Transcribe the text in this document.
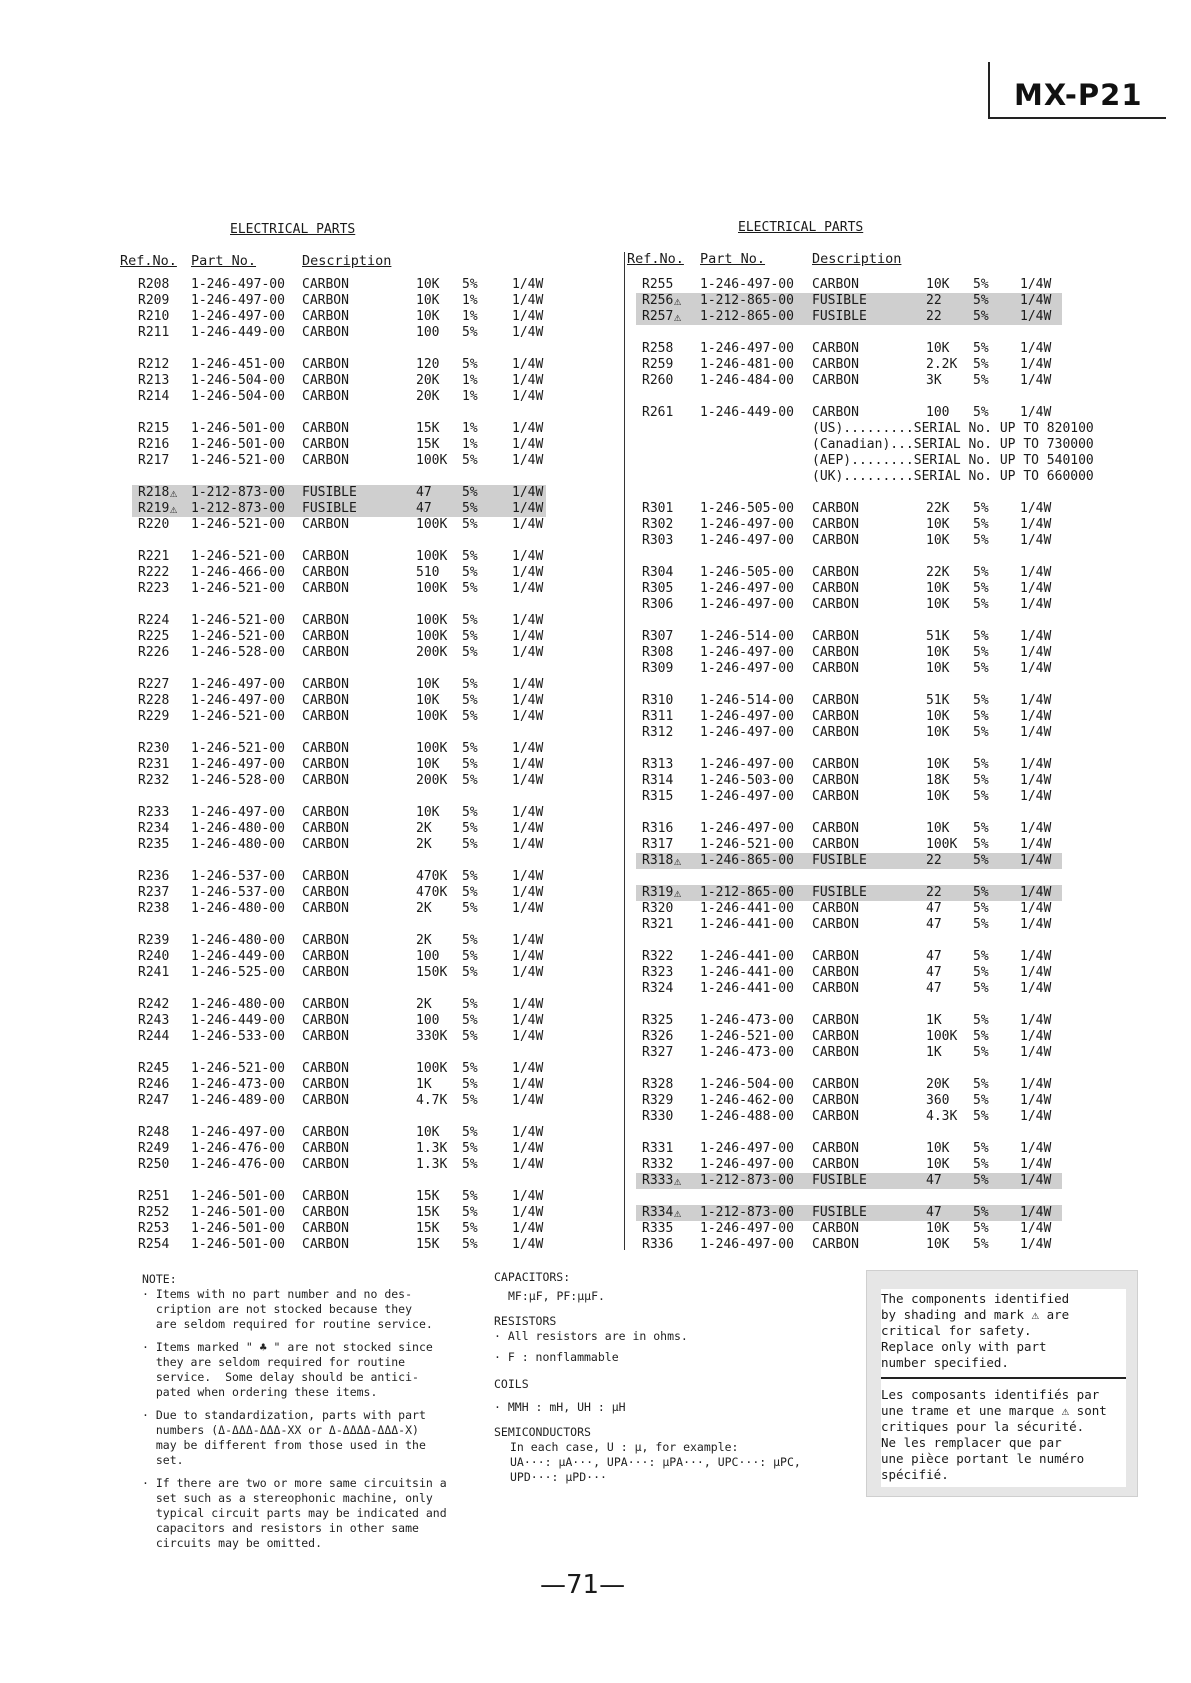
MX-P21
ELECTRICAL PARTS	ELECTRICAL PARTS
Ref.No. Part No.	Description	Ref.No. Part No.	Description
R208 1-246-497-00 CARBON	10K 5%	1/4W
R209 1-246-497-00 CARBON	10K 1%	1/4W
R210 1-246-497-00 CARBON	10K 1%	1/4W
R211 1-246-449-00 CARBON	100 5%	1/4W
R212 1-246-451-00 CARBON	120 5%	1/4W
R213 1-246-504-00 CARBON	20K 1%	1/4W
R214 1-246-504-00 CARBON	20K 1%	1/4W
R215 1-246-501-00 CARBON	15K 1%	1/4W
R216 1-246-501-00 CARBON	15K 1%	1/4W
R217 1-246-521-00 CARBON	100K 5%	1/4W
R218 ⚠ 1-212-873-00 FUSIBLE	47 5%	1/4W
R219 ⚠ 1-212-873-00 FUSIBLE	47 5%	1/4W
R220 1-246-521-00 CARBON	100K 5%	1/4W
R221 1-246-521-00 CARBON	100K 5%	1/4W
R222 1-246-466-00 CARBON	510 5%	1/4W
R223 1-246-521-00 CARBON	100K 5%	1/4W
R224 1-246-521-00 CARBON	100K 5%	1/4W
R225 1-246-521-00 CARBON	100K 5%	1/4W
R226 1-246-528-00 CARBON	200K 5%	1/4W
R227 1-246-497-00 CARBON	10K 5%	1/4W
R228 1-246-497-00 CARBON	10K 5%	1/4W
R229 1-246-521-00 CARBON	100K 5%	1/4W
R230 1-246-521-00 CARBON	100K 5%	1/4W
R231 1-246-497-00 CARBON	10K 5%	1/4W
R232 1-246-528-00 CARBON	200K 5%	1/4W
R233 1-246-497-00 CARBON	10K 5%	1/4W
R234 1-246-480-00 CARBON	2K 5%	1/4W
R235 1-246-480-00 CARBON	2K 5%	1/4W
R236 1-246-537-00 CARBON	470K 5%	1/4W
R237 1-246-537-00 CARBON	470K 5%	1/4W
R238 1-246-480-00 CARBON	2K 5%	1/4W
R239 1-246-480-00 CARBON	2K 5%	1/4W
R240 1-246-449-00 CARBON	100 5%	1/4W
R241 1-246-525-00 CARBON	150K 5%	1/4W
R242 1-246-480-00 CARBON	2K 5%	1/4W
R243 1-246-449-00 CARBON	100 5%	1/4W
R244 1-246-533-00 CARBON	330K 5%	1/4W
R245 1-246-521-00 CARBON	100K 5%	1/4W
R246 1-246-473-00 CARBON	1K 5%	1/4W
R247 1-246-489-00 CARBON	4.7K 5%	1/4W
R248 1-246-497-00 CARBON	10K 5%	1/4W
R249 1-246-476-00 CARBON	1.3K 5%	1/4W
R250 1-246-476-00 CARBON	1.3K 5%	1/4W
R251 1-246-501-00 CARBON	15K 5%	1/4W
R252 1-246-501-00 CARBON	15K 5%	1/4W
R253 1-246-501-00 CARBON	15K 5%	1/4W
R254 1-246-501-00 CARBON	15K 5%	1/4W
R255 1-246-497-00 CARBON	10K 5% 1/4W
R256 ⚠ 1-212-865-00 FUSIBLE	22 5% 1/4W
R257 ⚠ 1-212-865-00 FUSIBLE	22 5% 1/4W
R258 1-246-497-00 CARBON	10K 5% 1/4W
R259 1-246-481-00 CARBON	2.2K 5% 1/4W
R260 1-246-484-00 CARBON	3K 5% 1/4W
R261 1-246-449-00 CARBON	100 5% 1/4W
(US).........SERIAL No. UP TO 820100
(Canadian)...SERIAL No. UP TO 730000
(AEP)........SERIAL No. UP TO 540100
(UK).........SERIAL No. UP TO 660000
R301 1-246-505-00 CARBON	22K 5% 1/4W
R302 1-246-497-00 CARBON	10K 5% 1/4W
R303 1-246-497-00 CARBON	10K 5% 1/4W
R304 1-246-505-00 CARBON	22K 5% 1/4W
R305 1-246-497-00 CARBON	10K 5% 1/4W
R306 1-246-497-00 CARBON	10K 5% 1/4W
R307 1-246-514-00 CARBON	51K 5% 1/4W
R308 1-246-497-00 CARBON	10K 5% 1/4W
R309 1-246-497-00 CARBON	10K 5% 1/4W
R310 1-246-514-00 CARBON	51K 5% 1/4W
R311 1-246-497-00 CARBON	10K 5% 1/4W
R312 1-246-497-00 CARBON	10K 5% 1/4W
R313 1-246-497-00 CARBON	10K 5% 1/4W
R314 1-246-503-00 CARBON	18K 5% 1/4W
R315 1-246-497-00 CARBON	10K 5% 1/4W
R316 1-246-497-00 CARBON	10K 5% 1/4W
R317 1-246-521-00 CARBON	100K 5% 1/4W
R318 ⚠ 1-246-865-00 FUSIBLE	22 5% 1/4W
R319 ⚠ 1-212-865-00 FUSIBLE	22 5% 1/4W
R320 1-246-441-00 CARBON	47 5% 1/4W
R321 1-246-441-00 CARBON	47 5% 1/4W
R322 1-246-441-00 CARBON	47 5% 1/4W
R323 1-246-441-00 CARBON	47 5% 1/4W
R324 1-246-441-00 CARBON	47 5% 1/4W
R325 1-246-473-00 CARBON	1K 5% 1/4W
R326 1-246-521-00 CARBON	100K 5% 1/4W
R327 1-246-473-00 CARBON	1K 5% 1/4W
R328 1-246-504-00 CARBON	20K 5% 1/4W
R329 1-246-462-00 CARBON	360 5% 1/4W
R330 1-246-488-00 CARBON	4.3K 5% 1/4W
R331 1-246-497-00 CARBON	10K 5% 1/4W
R332 1-246-497-00 CARBON	10K 5% 1/4W
R333 ⚠ 1-212-873-00 FUSIBLE	47 5% 1/4W
R334 ⚠ 1-212-873-00 FUSIBLE	47 5% 1/4W
R335 1-246-497-00 CARBON	10K 5% 1/4W
R336 1-246-497-00 CARBON	10K 5% 1/4W
NOTE:
· Items with no part number and no des-
cription are not stocked because they
are seldom required for routine service.
· Items marked " ♣ " are not stocked since
they are seldom required for routine
service.  Some delay should be antici-
pated when ordering these items.
· Due to standardization, parts with part
numbers (Δ-ΔΔΔ-ΔΔΔ-XX or Δ-ΔΔΔΔ-ΔΔΔ-X)
may be different from those used in the
set.
· If there are two or more same circuitsin a
set such as a stereophonic machine, only
typical circuit parts may be indicated and
capacitors and resistors in other same
circuits may be omitted.
CAPACITORS:
MF:μF, PF:μμF.
RESISTORS
· All resistors are in ohms.
· F : nonflammable
COILS
· MMH : mH, UH : μH
SEMICONDUCTORS
In each case, U : μ, for example:
UA···: μA···, UPA···: μPA···, UPC···: μPC,
UPD···: μPD···
The components identified
by shading and mark ⚠ are
critical for safety.
Replace only with part
number specified.
Les composants identifiés par
une trame et une marque ⚠ sont
critiques pour la sécurité.
Ne les remplacer que par
une pièce portant le numéro
spécifié.
—71—
